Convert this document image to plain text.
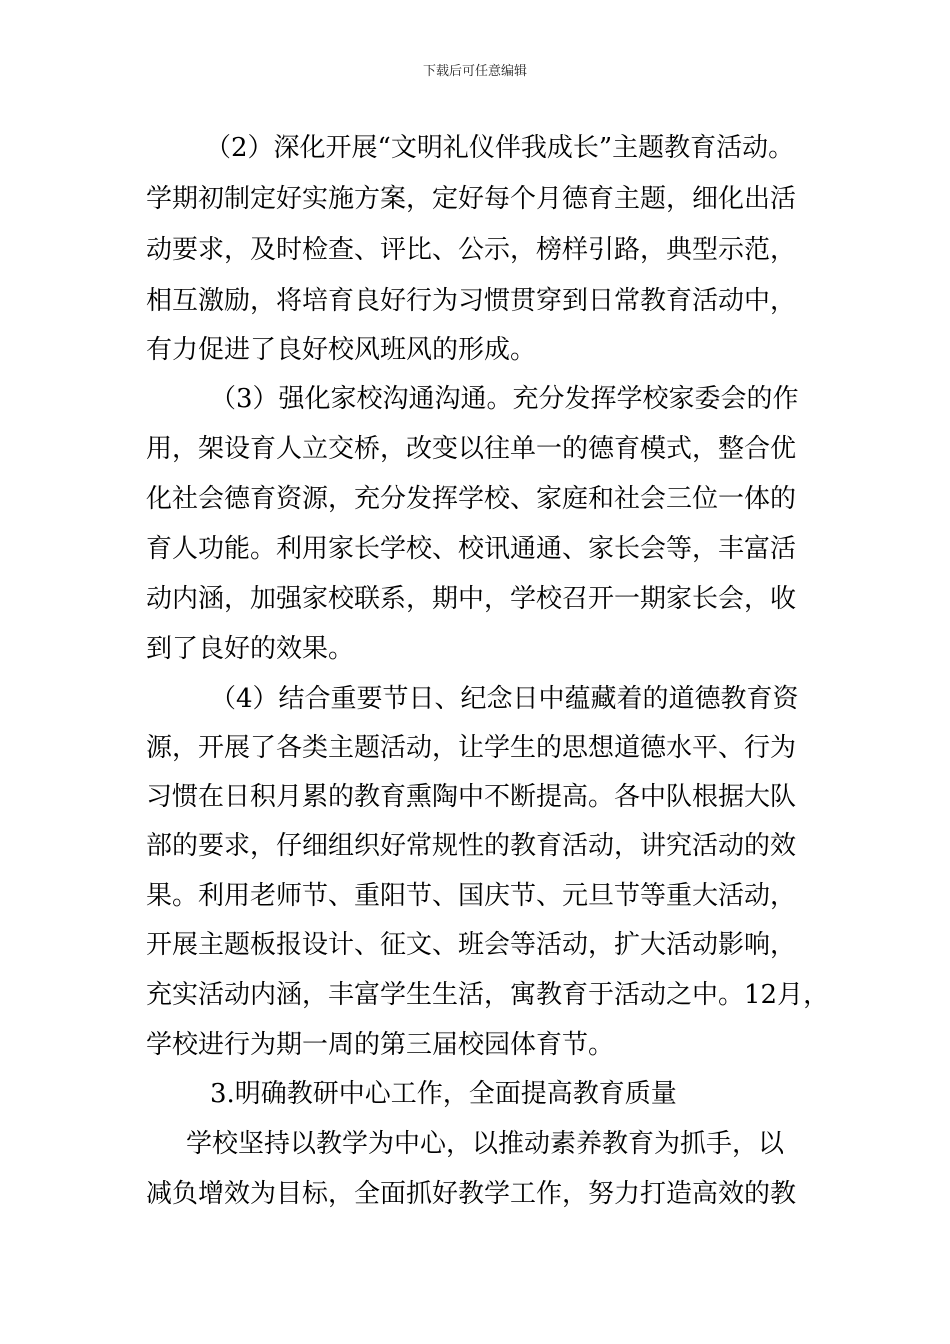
下载后可任意编辑
（2）深化开展“文明礼仪伴我成长”主题教育活动。
学期初制定好实施方案，定好每个月德育主题，细化出活
动要求，及时检查、评比、公示，榜样引路，典型示范，
相互激励，将培育良好行为习惯贯穿到日常教育活动中，
有力促进了良好校风班风的形成。
（3）强化家校沟通沟通。充分发挥学校家委会的作
用，架设育人立交桥，改变以往单一的德育模式，整合优
化社会德育资源，充分发挥学校、家庭和社会三位一体的
育人功能。利用家长学校、校讯通通、家长会等，丰富活
动内涵，加强家校联系，期中，学校召开一期家长会，收
到了良好的效果。
（4）结合重要节日、纪念日中蕴藏着的道德教育资
源，开展了各类主题活动，让学生的思想道德水平、行为
习惯在日积月累的教育熏陶中不断提高。各中队根据大队
部的要求，仔细组织好常规性的教育活动，讲究活动的效
果。利用老师节、重阳节、国庆节、元旦节等重大活动，
开展主题板报设计、征文、班会等活动，扩大活动影响，
充实活动内涵，丰富学生生活，寓教育于活动之中。12月，
学校进行为期一周的第三届校园体育节。
3.明确教研中心工作，全面提高教育质量
学校坚持以教学为中心，以推动素养教育为抓手，以
减负增效为目标，全面抓好教学工作，努力打造高效的教
